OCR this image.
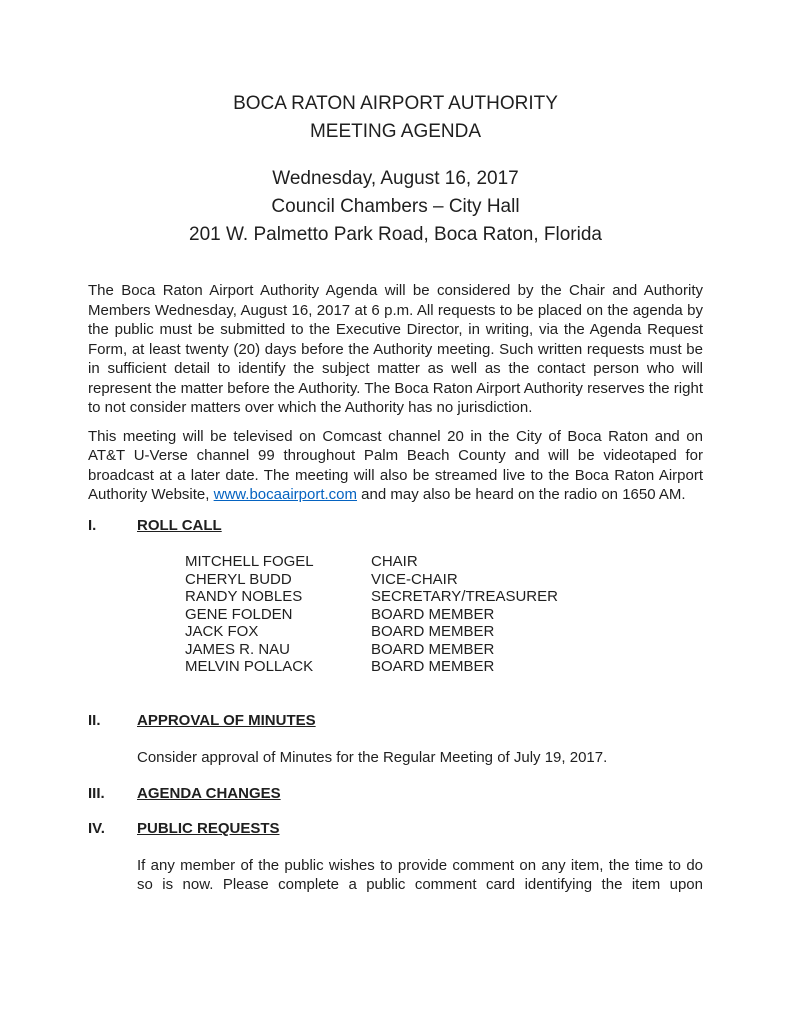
BOCA RATON AIRPORT AUTHORITY
MEETING AGENDA
Wednesday, August 16, 2017
Council Chambers – City Hall
201 W. Palmetto Park Road, Boca Raton, Florida

The Boca Raton Airport Authority Agenda will be considered by the Chair and Authority Members Wednesday, August 16, 2017 at 6 p.m. All requests to be placed on the agenda by the public must be submitted to the Executive Director, in writing, via the Agenda Request Form, at least twenty (20) days before the Authority meeting. Such written requests must be in sufficient detail to identify the subject matter as well as the contact person who will represent the matter before the Authority. The Boca Raton Airport Authority reserves the right to not consider matters over which the Authority has no jurisdiction.

This meeting will be televised on Comcast channel 20 in the City of Boca Raton and on AT&T U-Verse channel 99 throughout Palm Beach County and will be videotaped for broadcast at a later date. The meeting will also be streamed live to the Boca Raton Airport Authority Website, www.bocaairport.com and may also be heard on the radio on 1650 AM.

I.	ROLL CALL
MITCHELL FOGEL	CHAIR
CHERYL BUDD	VICE-CHAIR
RANDY NOBLES	SECRETARY/TREASURER
GENE FOLDEN	BOARD MEMBER
JACK FOX	BOARD MEMBER
JAMES R. NAU	BOARD MEMBER
MELVIN POLLACK	BOARD MEMBER
II.	APPROVAL OF MINUTES

Consider approval of Minutes for the Regular Meeting of July 19, 2017.

III.	AGENDA CHANGES
IV.	PUBLIC REQUESTS

If any member of the public wishes to provide comment on any item, the time to do so is now. Please complete a public comment card identifying the item upon
